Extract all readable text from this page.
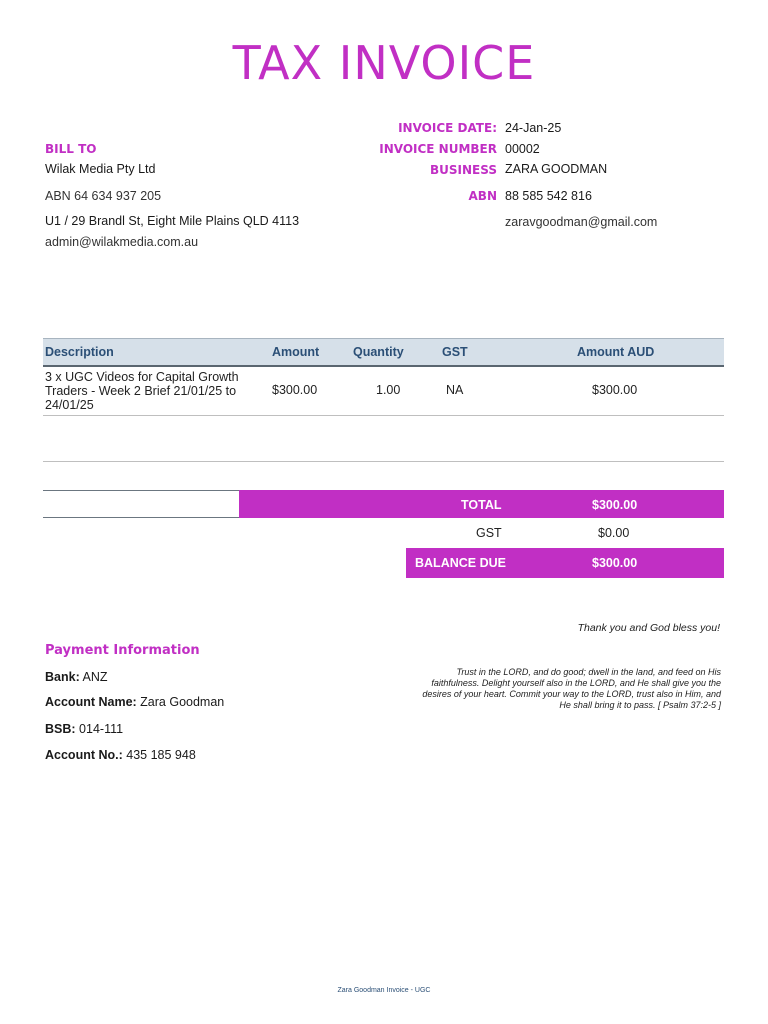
TAX INVOICE
BILL TO
Wilak Media Pty Ltd
ABN 64 634 937 205
U1 / 29 Brandl St, Eight Mile Plains QLD 4113
admin@wilakmedia.com.au
INVOICE DATE: 24-Jan-25
INVOICE NUMBER 00002
BUSINESS ZARA GOODMAN
ABN 88 585 542 816
zaravgoodman@gmail.com
Description	Amount	Quantity	GST	Amount AUD
3 x UGC Videos for Capital Growth
Traders - Week 2 Brief 21/01/25 to
24/01/25
$300.00	1.00	NA	$300.00
TOTAL	$300.00
GST	$0.00
BALANCE DUE	$300.00
Thank you and God bless you!
Trust in the LORD, and do good; dwell in the land, and feed on His
faithfulness. Delight yourself also in the LORD, and He shall give you the
desires of your heart. Commit your way to the LORD, trust also in Him, and
He shall bring it to pass. [ Psalm 37:2-5 ]
Payment Information
Bank: ANZ
Account Name: Zara Goodman
BSB: 014-111
Account No.: 435 185 948
Zara Goodman Invoice - UGC
